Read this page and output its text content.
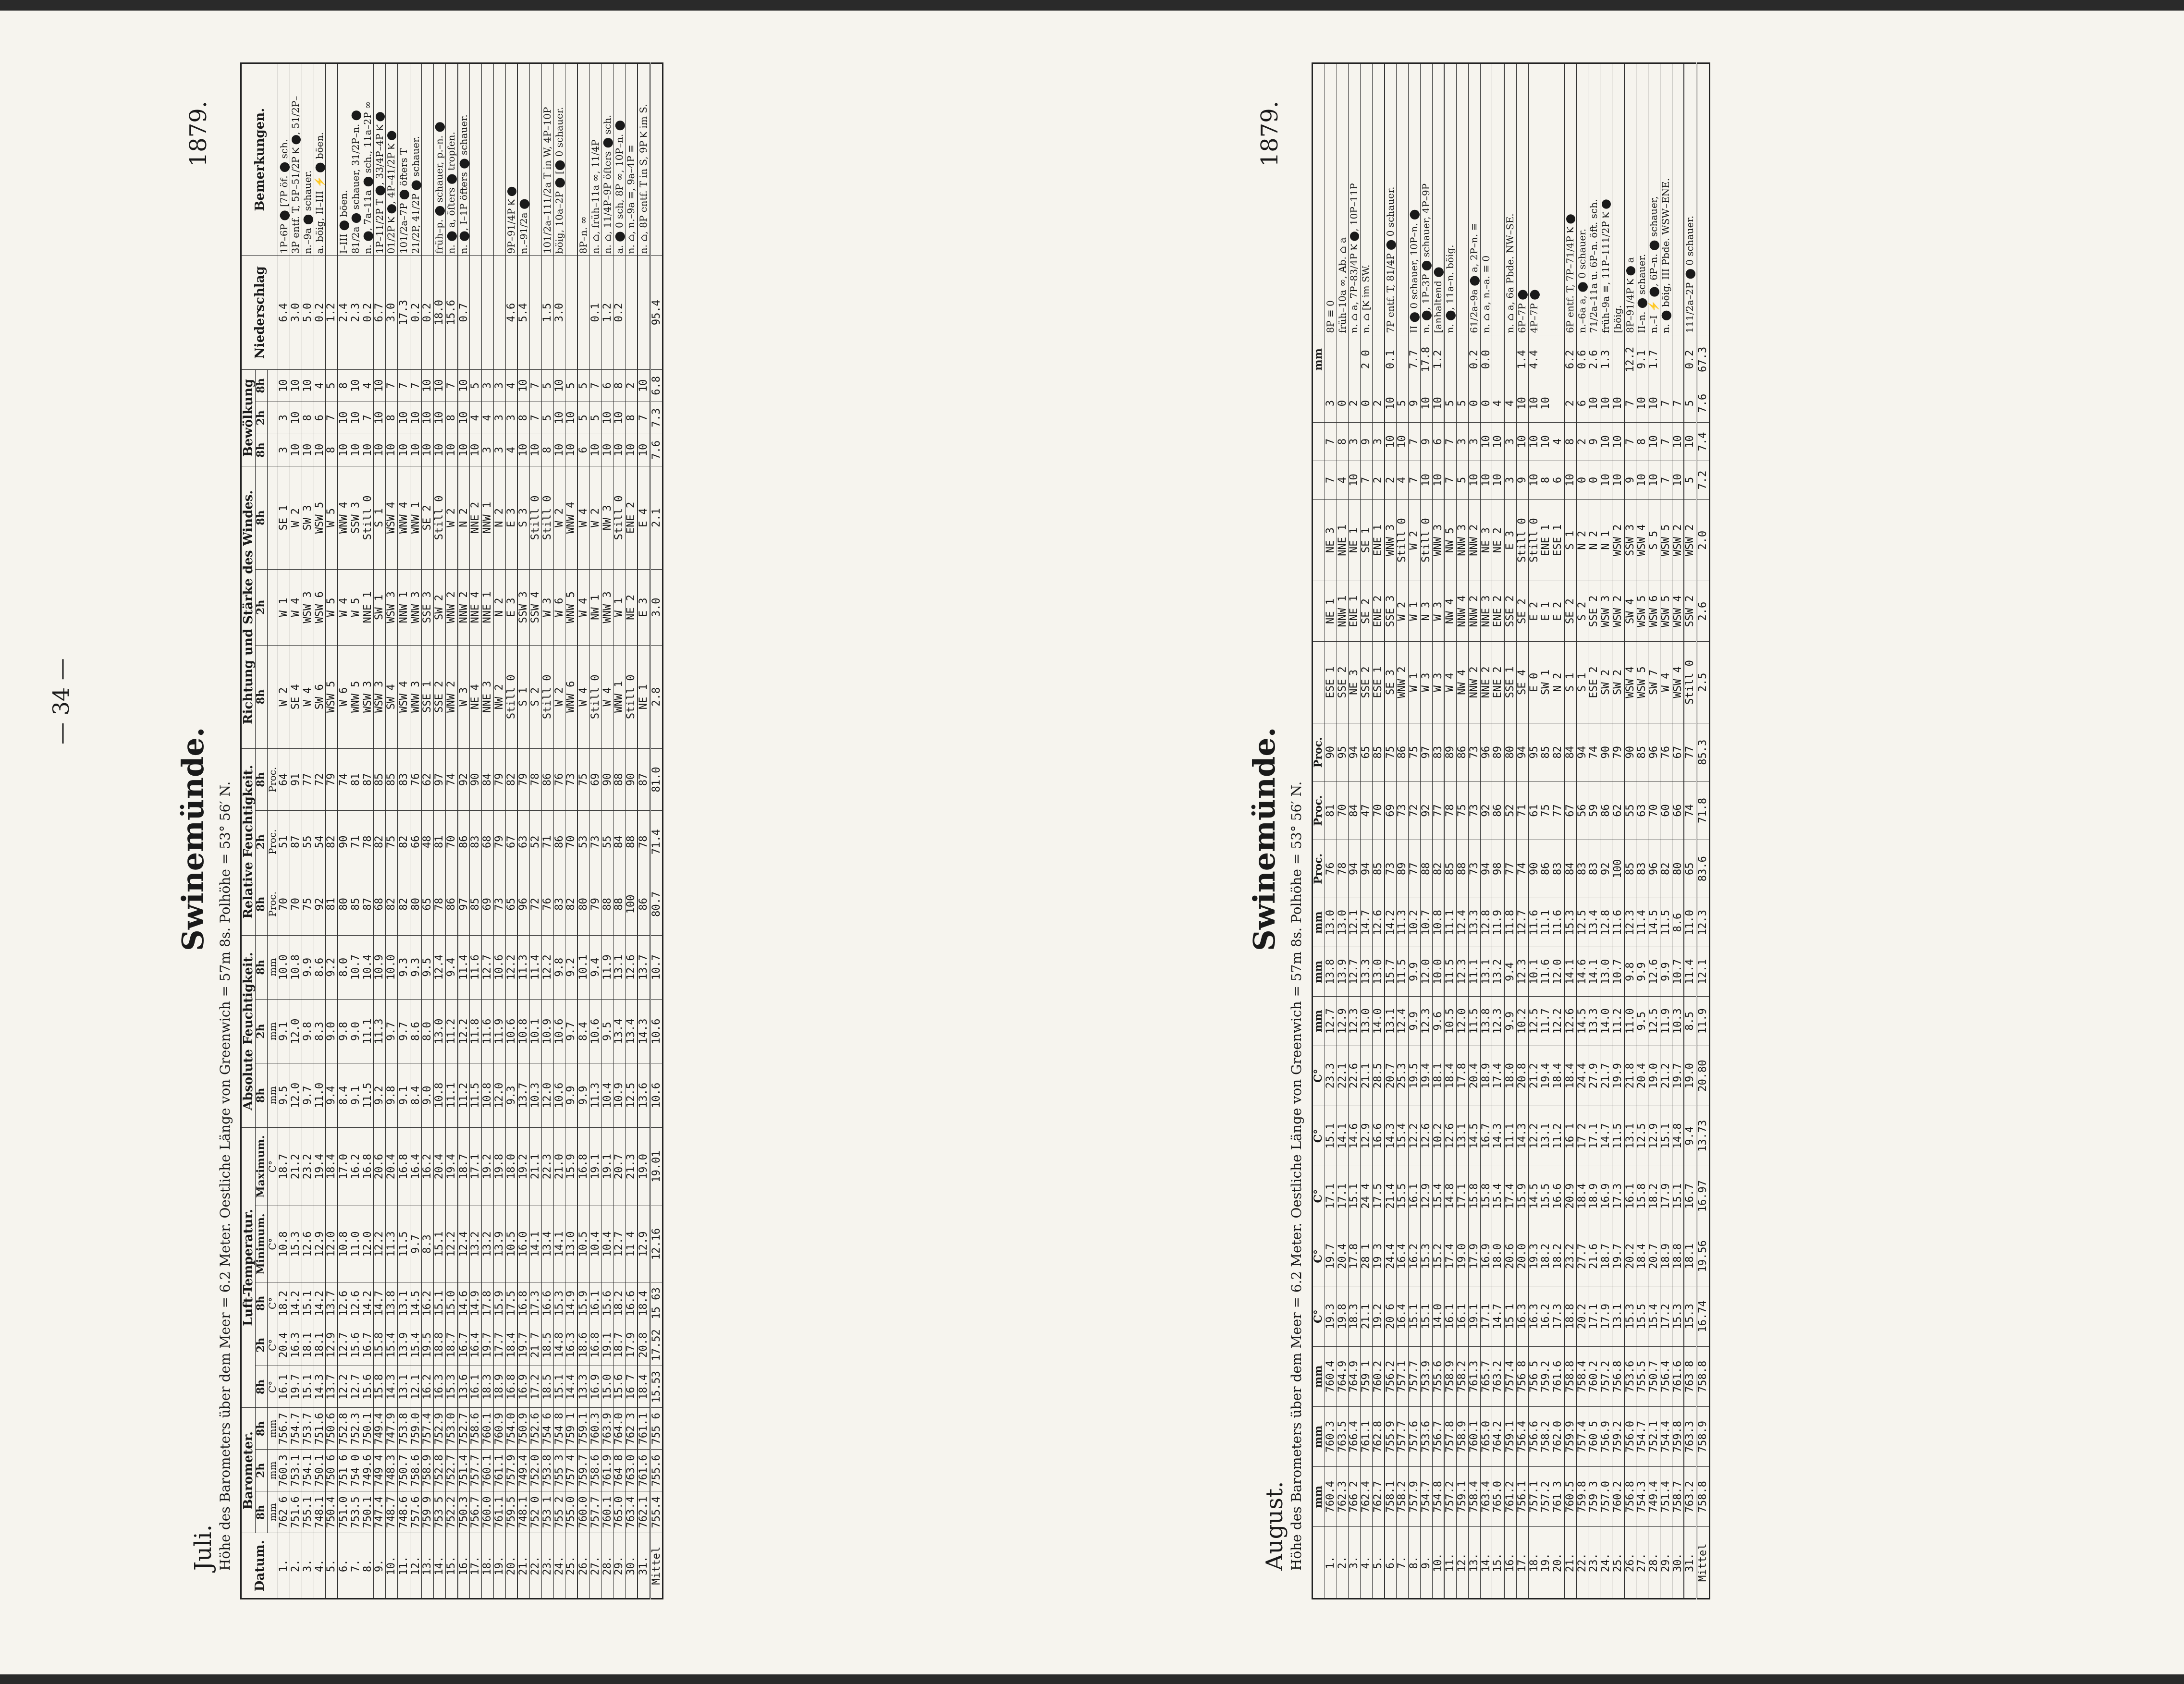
— 34 —
Juli.
Swinemünde.
1879.
Höhe des Barometers über dem Meer = 6.2 Meter. Oestliche Länge von Greenwich = 57m 8s. Polhöhe = 53° 56′ N. Datum.	Barometer.			Luft-Temperatur.					Absolute Feuchtigkeit.			Relative Feuchtigkeit.			Richtung und Stärke des Windes.			Bewölkung			Niederschlag	Bemerkungen.
	8h	2h	8h	8h	2h	8h	Minimum.	Maximum.	8h	2h	8h	8h	2h	8h	8h	2h	8h	8h	2h	8h		
	mm	mm	mm	C°	C°	C°	C°	C°	mm	mm	mm	Proc.	Proc.	Proc.								
1.	762 6	760.3	756.7	16.1	20.4	18.2	10.8	18.7	9.5	9.1	10.0	70	51	64	W 2	W 1	SE 1	3	3	10	6.4	1P–6P ⬤ [7P öf. ⬤ sch.
2.	751.6	753.1	754.7	19.7	16.3	14.2	15.3	21.2	12.0	12.0	10.8	70	87	91	SE 4	W 4	W 2	10	10	10	3.0	3P entf. T, 5P–51/2P Ⲕ ⬤, 51/2P–
3.	755.1	754.1	753.7	15.1	18.1	15.1	12.6	23.2	9.7	9.8	9.9	75	55	77	W 4	WSW 3	SW 3	10	8	10	5.0	n.–9a ⬤ schauer.
4.	748.1	750.1	751.6	14.3	18.1	14.2	12.9	19.4	11.0	8.3	8.6	92	54	72	SW 6	WSW 6	WSW 5	10	6	4	0.2	a. böig, II–III ⚡ ⬤ böen.
5.	750.4	750 6	750.6	13.7	12.9	13.7	12.0	18.4	9.4	9.0	9.2	81	82	79	WSW 5	W 5	W 5	8	7	5	1.2	
6.	751.0	751 6	752.8	12.2	12.7	12.6	10.8	17.0	8.4	9.8	8.0	80	90	74	W 6	W 4	WNW 4	10	10	8	2.4	I–III ⬤ böen.
7.	753.5	754 0	752.3	12.7	15.6	12.6	11.0	16.2	9.1	9.0	10.7	85	71	81	WNW 5	W 5	SSW 3	10	10	10	2.3	81/2a ⬤ schauer, 31/2P–n. ⬤
8.	750.1	749.6	750.1	15.6	16.7	14.2	12.0	16.8	11.5	11.1	10.4	87	78	87	WSW 3	NNE 1	Still 0	10	7	4	0.2	n. ⬤, 7a–11a ⬤ sch., 11a–2P ∞
9.	747.4	749 4	749.4	15.8	15.8	14.7	12.2	20.6	9.2	11.3	10.9	68	82	85	WSW 3	SW 1	S 1	10	10	10	6.7	1P–11/2P T ⬤, 33/4P–4P Ⲕ ⬤
10.	748.7	748.3	747.9	14.3	15.4	13.8	11.3	20.4	9.8	9.7	10.0	82	75	85	SW 4	WSW 3	WSW 4	10	8	7	3.0	01/2P Ⲕ ⬤, 4P–41/2P Ⲕ ⬤
11.	748.6	750.7	753.8	13.1	13.9	13.1	11.5	16.8	9.1	9.7	9.3	82	82	83	WSW 4	NNW 1	WNW 4	10	10	7	17.3	101/2a–7P ⬤ öfters T
12.	757.6	758.6	759.0	12.1	15.4	14.5	9.7	16.4	8.4	8.6	9.3	80	66	76	WNW 3	WNW 3	WNW 1	10	10	7	0.2	21/2P, 41/2P ⬤ schauer.
13.	759 9	758.9	757.4	16.2	19.5	16.2	8.3	16.2	9.0	8.0	9.5	65	48	62	SSE 1	SSE 3	SE 2	10	10	10	0.2	
14.	753 5	752.8	752.9	16.3	18.8	15.1	15.1	20.4	10.8	13.0	12.4	78	81	97	SSE 2	SW 2	Still 0	10	10	10	18.0	früh–p. ⬤ schauer, p.–n. ⬤
15.	752.2	752.7	753.0	15.3	18.7	15.0	12.2	19.4	11.1	11.2	9.4	86	70	74	WNW 2	WNW 2	W 2	10	8	7	15.6	n. ⬤ a, öfters ⬤ tropfen.
16.	750.3	751.4	752.7	13.6	16.7	14.6	12.4	18.7	11.2	12.2	11.4	97	86	92	W 3	NNW 2	N 2	10	10	10	0.7	n. ⬤, I–1P öfters ⬤ schauer.
17.	756.7	757.7	758.6	16.1	16.4	14.9	13.2	17.1	11.5	11.8	11.6	85	83	90	NE 4	NNE 4	NNE 2	10	4	5		
18.	760.0	760.1	760.1	18.3	19.7	17.8	13.2	19.2	10.8	11.6	12.7	69	68	84	NNE 3	NNE 1	NNW 1	3	4	3		
19.	761.1	761.1	760.9	18.9	17.7	15.9	13.9	19.8	12.0	11.9	10.6	73	79	79	NW 2	N 2	N 2	3	3	3		
20.	759.5	757.9	754.0	16.8	18.4	17.5	10.5	18.0	9.3	10.6	12.2	65	67	82	Still 0	E 3	E 3	4	3	4	4.6	9P–91/4P Ⲕ ⬤
21.	748.1	749.4	750.9	16.9	19.7	16.8	16.0	19.2	13.7	10.8	11.3	96	63	79	S 1	SSW 3	S 3	10	8	10	5.4	n.–91/2a ⬤
22.	752 0	752.0	752.6	17.2	21 7	17.3	14.1	21.1	10.3	10.1	11.4	72	52	78	S 2	SSW 4	Still 0	10	7	7		
23.	753 1	753.8	754 6	18.5	18.5	16.6	13.4	22.3	12.0	10.9	12.2	76	71	86	Still 0	W 3	Still 0	8	5	5	1.5	101/2a–111/2a T in W, 4P–10P
24.	755 2	755 3	754 8	15.1	14.8	15.3	14.1	21.0	10.6	10.6	9.8	83	86	76	W 2	W 6	W 2	10	10	10	3.0	böig, 10a–2P ⬤ [⬤ 0 schauer.
25.	755.0	757 4	759 1	14.4	16.3	14.9	13.0	15.9	9.9	9.7	9.2	82	70	73	WNW 6	WNW 5	WNW 4	10	10	5		
26.	760.0	759.7	759.1	13.3	18.6	15.9	10.5	16.8	9.9	8.4	10.1	80	53	75	W 4	W 4	W 4	6	5	5		8P–n. ∞
27.	757.7	758.6	760.3	16.9	16.8	16.1	10.4	19.1	11.3	10.6	9.4	79	73	69	Still 0	NW 1	W 2	10	5	7	0.1	n. ⌂, früh–11a ∞, 11/4P
28.	760.1	761.9	763.9	15.0	19.1	15.6	10.4	19.1	10.4	9.5	11.9	88	55	90	W 4	WNW 3	NW 3	10	10	6	1.2	n. ⌂, 11/4P–9P öfters ⬤ sch.
29.	765.0	764 8	764.0	15.6	18.7	18.2	12.7	20.7	10.9	13.4	13.1	88	84	88	WNW 1	W 1	Still 0	10	10	8	0.2	a. ⬤ 0 sch, 8P ∞, 10P–n. ⬤
30.	763.4	763.0	762 3	16 7	17.9	16.6	11 4	21.3	12.5	13.4	12.6	100	88	90	Still 0	NE 2	ENE 2	10	8	2		n. ⌂, n.–9a ≡, 9a–4P ≡
31.	762.1	761.6	761.1	18.4	20.8	18.4	12.9	19.0	13.6	14.3	13.7	86	78	87	NE 1	E 3	E 4	10	7	10		n. ⌂, 8P entf. T in S, 9P Ⲕ im S.
Mittel	755.4	755.6	755 6	15.53	17.52	15 63	12.16	19.01	10.6	10.6	10.7	80.7	71.4	81.0	2.8	3.0	2.1	7.6	7.3	6.8	95.4	
August.
Swinemünde.
1879.
Höhe des Barometers über dem Meer = 6.2 Meter. Oestliche Länge von Greenwich = 57m 8s. Polhöhe = 53° 56′ N.
	mm	mm	mm	C°	C°	C°	C°	C°	mm	mm	mm	Proc.	Proc.	Proc.							mm	
1.	760.4	760.3	760.4	19.3	19.7	17.1	15.1	23.3	12.7	13.8	13.0	76	81	90	ESE 1	NE 1	NE 3	7	7	3		8P ≡ 0
2.	762.3	763.5	764.9	19.8	20.4	17.1	14.1	22.1	12.9	13.9	13.0	78	70	95	SSE 2	NNW 1	NNE 1	4	8	0		früh–10a ∞, Ab. ⌂ a
3.	766 2	766.4	764.9	18.3	17.8	15.1	14.6	22.6	12.3	12.7	12.1	94	84	94	NE 3	ENE 1	NE 1	10	3	2		n. ⌂ a, 7P–83/4P Ⲕ ⬤, 10P–11P
4.	762.4	761.1	759 1	21.1	28 1	24 4	12.9	21.1	13.0	13.3	14.7	94	47	65	SSE 2	SE 2	SE 1	7	9	0	2 0	n. ⌂ [Ⲕ im SW.
5.	762.7	762.8	760.2	19.2	19 3	17.5	16.6	28.5	14.0	13.0	12.6	85	70	85	ESE 1	ENE 2	ENE 1	2	3	2		
6.	758.1	755.9	756.2	20 6	24.4	21.4	14.3	20.7	13.1	15.7	14.2	73	69	75	SE 3	SSE 3	WNW 3	2	10	10	0.1	7P entf. T, 81/4P ⬤ 0 schauer.
7.	758.2	757.7	757.1	16.4	16.4	15.5	15.4	25.3	12.4	11.5	11.3	89	73	86	WNW 2	W 2	Still 0	4	10	5		
8.	757.9	757.6	757.7	15.1	16.2	16.1	12.2	19.5	9.9	9.9	10.2	77	72	75	W 1	W 1	W 2	7	7	9	7.7	II ⬤ 0 schauer, 10P–n. ⬤
9.	754.7	753.6	753.9	15.1	15.3	12.9	12.6	19.4	12.3	12.0	10.7	88	92	97	W 3	N 3	Still 0	10	9	10	17.8	n. ⬤, 1P–3P ⬤ schauer, 4P–9P
10.	754.8	756.7	755.6	14.0	15.2	15.4	10.2	18.1	9.6	10.0	10.8	82	77	83	W 3	W 3	WNW 3	10	6	10	1.2	[anhaltend ⬤
11.	757.2	757.8	758.9	16.1	17.4	14.8	12.6	18.4	10.5	11.5	11.1	85	78	89	W 4	NW 4	NW 5	7	7	5		n. ⬤, 11a–n. böig.
12.	759.1	758.9	758.2	16.1	19.0	17.1	13.1	17.8	12.0	12.3	12.4	88	75	86	NW 4	NNW 4	NNW 3	5	3	5		
13.	758.4	760.1	761.3	19.1	17.9	15.8	14.5	20.4	11.5	11.1	13.3	73	73	73	NNW 2	NNW 2	NNW 2	10	3	0	0.2	61/2a–9a ⬤ a, 2P–n. ≡
14.	763.4	765.0	765.7	17.1	16.9	15.8	16.7	18.9	13.8	13.1	12.8	94	92	96	NNE 2	NNE 3	NE 3	10	10	0	0.0	n. ⌂ a, n.–a. ≡ 0
15.	765.0	764.2	763.2	14.7	18.0	15.4	14.3	17.4	12.3	13.2	11.9	98	86	89	ENE 2	ENE 2	NE 2	10	10	4		
16.	761.2	759.1	757.4	15 1	20.6	17.4	11.1	18.0	9.9	9.4	11.8	77	52	80	SSE 1	SSE 2	E 3	3	3	4		n. ⌂ a, 6a Pbde. NW–SE.
17.	756.1	756.4	756 8	16.3	20.0	15.9	14.3	20.8	10.2	12.3	12.7	74	71	94	SE 4	SE 2	Still 0	9	10	10	1.4	6P–7P ⬤
18.	757.1	756.6	756 5	16.3	19.3	14.5	12.2	21.2	12.5	10.1	11.6	90	61	95	E 0	E 2	Still 0	10	10	10	4.4	4P–7P ⬤
19.	757.2	758.2	759.2	16.2	18.2	15.5	13.1	19.4	11.7	11.6	11.1	86	75	85	SW 1	E 1	ENE 1	8	10	10		
20.	761 3	762.0	761.6	17.3	18.2	16.6	11.2	18.4	12.2	12.0	11.6	83	77	82	N 2	E 2	ESE 1	6	4			
21.	760.5	759.9	758.8	18.8	23.2	20.9	16 1	18.4	12.6	14.1	15.3	84	67	84	S 1	SE 2	S 1	10	8	2	6.2	6P entf. T, 7P–71/4P Ⲕ ⬤
22.	759.8	757.4	758.4	20.2	27.7	18.4	17 2	24.4	14.5	14.6	12.5	83	56	94	S 1	S 2	N 2	0	2	6	0.6	n.–6a a, ⬤ 0 schauer.
23.	759 3	760 5	760.2	17.1	21.6	18.9	17.1	27.9	13.3	14.1	13.4	83	59	74	ESE 2	SSE 2	N 2	0	9	10	2.6	71/2a–11a u. 6P–n. öft. sch.
24.	757.0	756.9	757.2	17.9	18.7	16.9	14.7	21.7	14.0	13.0	12.8	92	86	90	SW 2	WSW 3	N 1	10	10	10	1.3	früh–9a ≡, 11P–111/2P Ⲕ ⬤
25.	760.2	759.2	756.8	13.1	19.7	17.3	11.5	19.9	11.2	10.7	11.6	100	62	79	SW 2	WSW 2	WSW 2	10	10	10		[böig.
26.	756.8	756.0	753.6	15.3	20.2	16.1	13.1	21.8	11.0	9.8	12.3	85	55	90	WSW 4	SW 4	SSW 3	9	7	7	12.2	8P–91/4P Ⲕ ⬤ a
27.	754.3	754.7	755.5	15.5	18.4	15.8	12.5	20.4	9.5	9.9	11.4	83	63	85	WSW 5	WSW 5	WSW 4	10	8	10	9.1	II–n. ⬤ schauer.
28.	749.4	752.1	750.7	15.4	20.7	18.2	12.9	19.0	12.5	12.6	14.5	96	70	96	SW 7	WSW 6	S 5	10	10	10	1.7	n.–I ⚡ ⬤, 6P–n. ⬤ schauer,
29.	751.4	754.4	756.4	17.2	18.9	17.9	15.1	21.2	11.9	9.9	11.5	82	60	76	W 4	WSW 5	WSW 5	7	7	7		n. ⬤ böig, III Pbde. WSW–ENE.
30.	758.7	759.8	761.6	15.3	18.8	15.1	14.8	19.7	10.3	10.7	8.6	80	66	67	WSW 4	WSW 4	WSW 2	10	10	7		
31.	763.2	763.3	763 8	15.3	18.1	16.7	9.4	19.0	8.5	11.4	11.0	65	74	77	Still 0	SSW 2	WSW 2	5	10	5	0.2	111/2a–2P ⬤ 0 schauer.
Mittel	758.8	758.9	758.8	16.74	19.56	16.97	13.73	20.80	11.9	12.1	12.3	83.6	71.8	85.3	2.5	2.6	2.0	7.2	7.4	7.6	67.3	
